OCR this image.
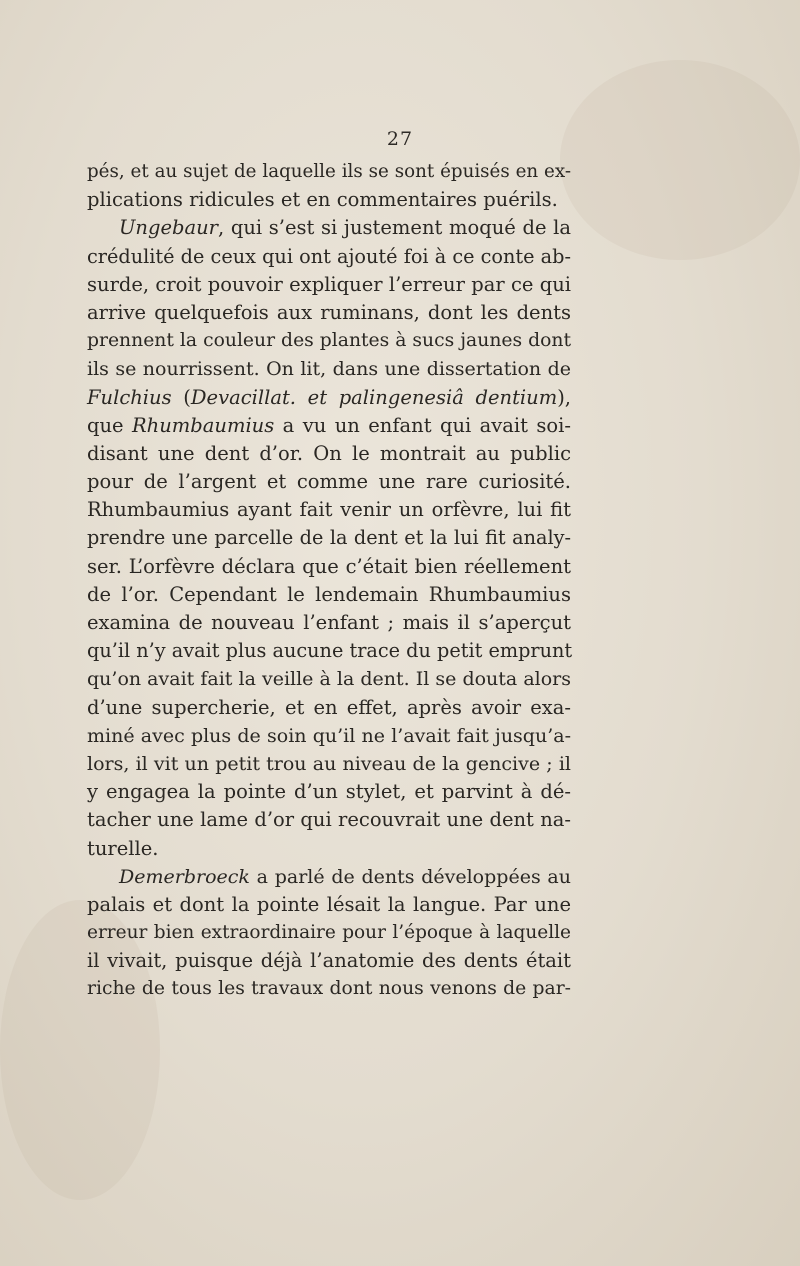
27
pés, et au sujet de laquelle ils se sont épuisés en ex-
plications ridicules et en commentaires puérils.
Ungebaur, qui s’est si justement moqué de la
crédulité de ceux qui ont ajouté foi à ce conte ab-
surde, croit pouvoir expliquer l’erreur par ce qui
arrive quelquefois aux ruminans, dont les dents
prennent la couleur des plantes à sucs jaunes dont
ils se nourrissent. On lit, dans une dissertation de
Fulchius (Devacillat. et palingenesiâ dentium),
que Rhumbaumius a vu un enfant qui avait soi-
disant une dent d’or. On le montrait au public
pour de l’argent et comme une rare curiosité.
Rhumbaumius ayant fait venir un orfèvre, lui fit
prendre une parcelle de la dent et la lui fit analy-
ser. L’orfèvre déclara que c’était bien réellement
de l’or. Cependant le lendemain Rhumbaumius
examina de nouveau l’enfant ; mais il s’aperçut
qu’il n’y avait plus aucune trace du petit emprunt
qu’on avait fait la veille à la dent. Il se douta alors
d’une supercherie, et en effet, après avoir exa-
miné avec plus de soin qu’il ne l’avait fait jusqu’a-
lors, il vit un petit trou au niveau de la gencive ; il
y engagea la pointe d’un stylet, et parvint à dé-
tacher une lame d’or qui recouvrait une dent na-
turelle.
Demerbroeck a parlé de dents développées au
palais et dont la pointe lésait la langue. Par une
erreur bien extraordinaire pour l’époque à laquelle
il vivait, puisque déjà l’anatomie des dents était
riche de tous les travaux dont nous venons de par-
